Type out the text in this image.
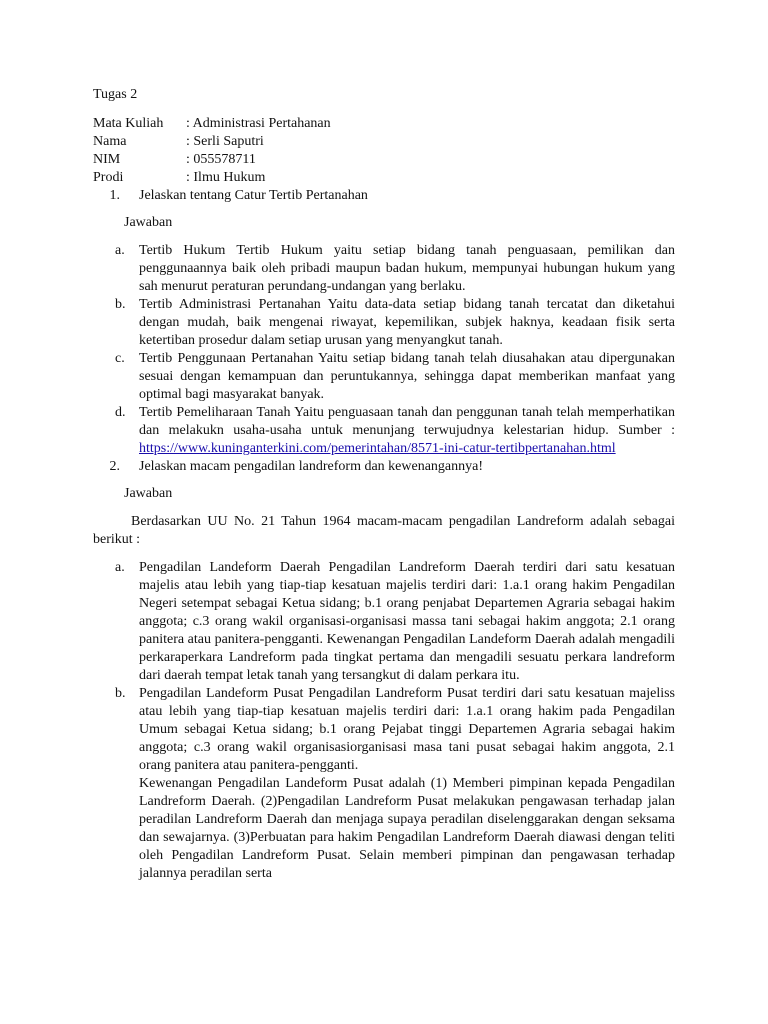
Tugas 2
Mata Kuliah	: Administrasi Pertahanan
Nama	: Serli Saputri
NIM	: 055578711
Prodi	: Ilmu Hukum
1.	Jelaskan tentang Catur Tertib Pertanahan
Jawaban
a.	Tertib Hukum Tertib Hukum yaitu setiap bidang tanah penguasaan, pemilikan dan penggunaannya baik oleh pribadi maupun badan hukum, mempunyai hubungan hukum yang sah menurut peraturan perundang-undangan yang berlaku.
b. Tertib Administrasi Pertanahan Yaitu data-data setiap bidang tanah tercatat dan diketahui dengan mudah, baik mengenai riwayat, kepemilikan, subjek haknya, keadaan fisik serta ketertiban prosedur dalam setiap urusan yang menyangkut tanah.
c.	Tertib Penggunaan Pertanahan Yaitu setiap bidang tanah telah diusahakan atau dipergunakan sesuai dengan kemampuan dan peruntukannya, sehingga dapat memberikan manfaat yang optimal bagi masyarakat banyak.
d. Tertib Pemeliharaan Tanah Yaitu penguasaan tanah dan penggunan tanah telah memperhatikan dan melakukn usaha-usaha untuk menunjang terwujudnya kelestarian hidup. Sumber : https://www.kuninganterkini.com/pemerintahan/8571-ini-catur-tertibpertanahan.html
2.	Jelaskan macam pengadilan landreform dan kewenangannya!
Jawaban
Berdasarkan UU No. 21 Tahun 1964 macam-macam pengadilan Landreform adalah sebagai berikut :
a.	Pengadilan Landeform Daerah Pengadilan Landreform Daerah terdiri dari satu kesatuan majelis atau lebih yang tiap-tiap kesatuan majelis terdiri dari: 1.a.1 orang hakim Pengadilan Negeri setempat sebagai Ketua sidang; b.1 orang penjabat Departemen Agraria sebagai hakim anggota; c.3 orang wakil organisasi-organisasi massa tani sebagai hakim anggota; 2.1 orang panitera atau panitera-pengganti. Kewenangan Pengadilan Landeform Daerah adalah mengadili perkaraperkara Landreform pada tingkat pertama dan mengadili sesuatu perkara landreform dari daerah tempat letak tanah yang tersangkut di dalam perkara itu.
b. Pengadilan Landeform Pusat Pengadilan Landreform Pusat terdiri dari satu kesatuan majeliss atau lebih yang tiap-tiap kesatuan majelis terdiri dari: 1.a.1 orang hakim pada Pengadilan Umum sebagai Ketua sidang; b.1 orang Pejabat tinggi Departemen Agraria sebagai hakim anggota; c.3 orang wakil organisasiorganisasi masa tani pusat sebagai hakim anggota, 2.1 orang panitera atau panitera-pengganti.
Kewenangan Pengadilan Landeform Pusat adalah (1) Memberi pimpinan kepada Pengadilan Landreform Daerah. (2)Pengadilan Landreform Pusat melakukan pengawasan terhadap jalan peradilan Landreform Daerah dan menjaga supaya peradilan diselenggarakan dengan seksama dan sewajarnya. (3)Perbuatan para hakim Pengadilan Landreform Daerah diawasi dengan teliti oleh Pengadilan Landreform Pusat. Selain memberi pimpinan dan pengawasan terhadap jalannya peradilan serta
